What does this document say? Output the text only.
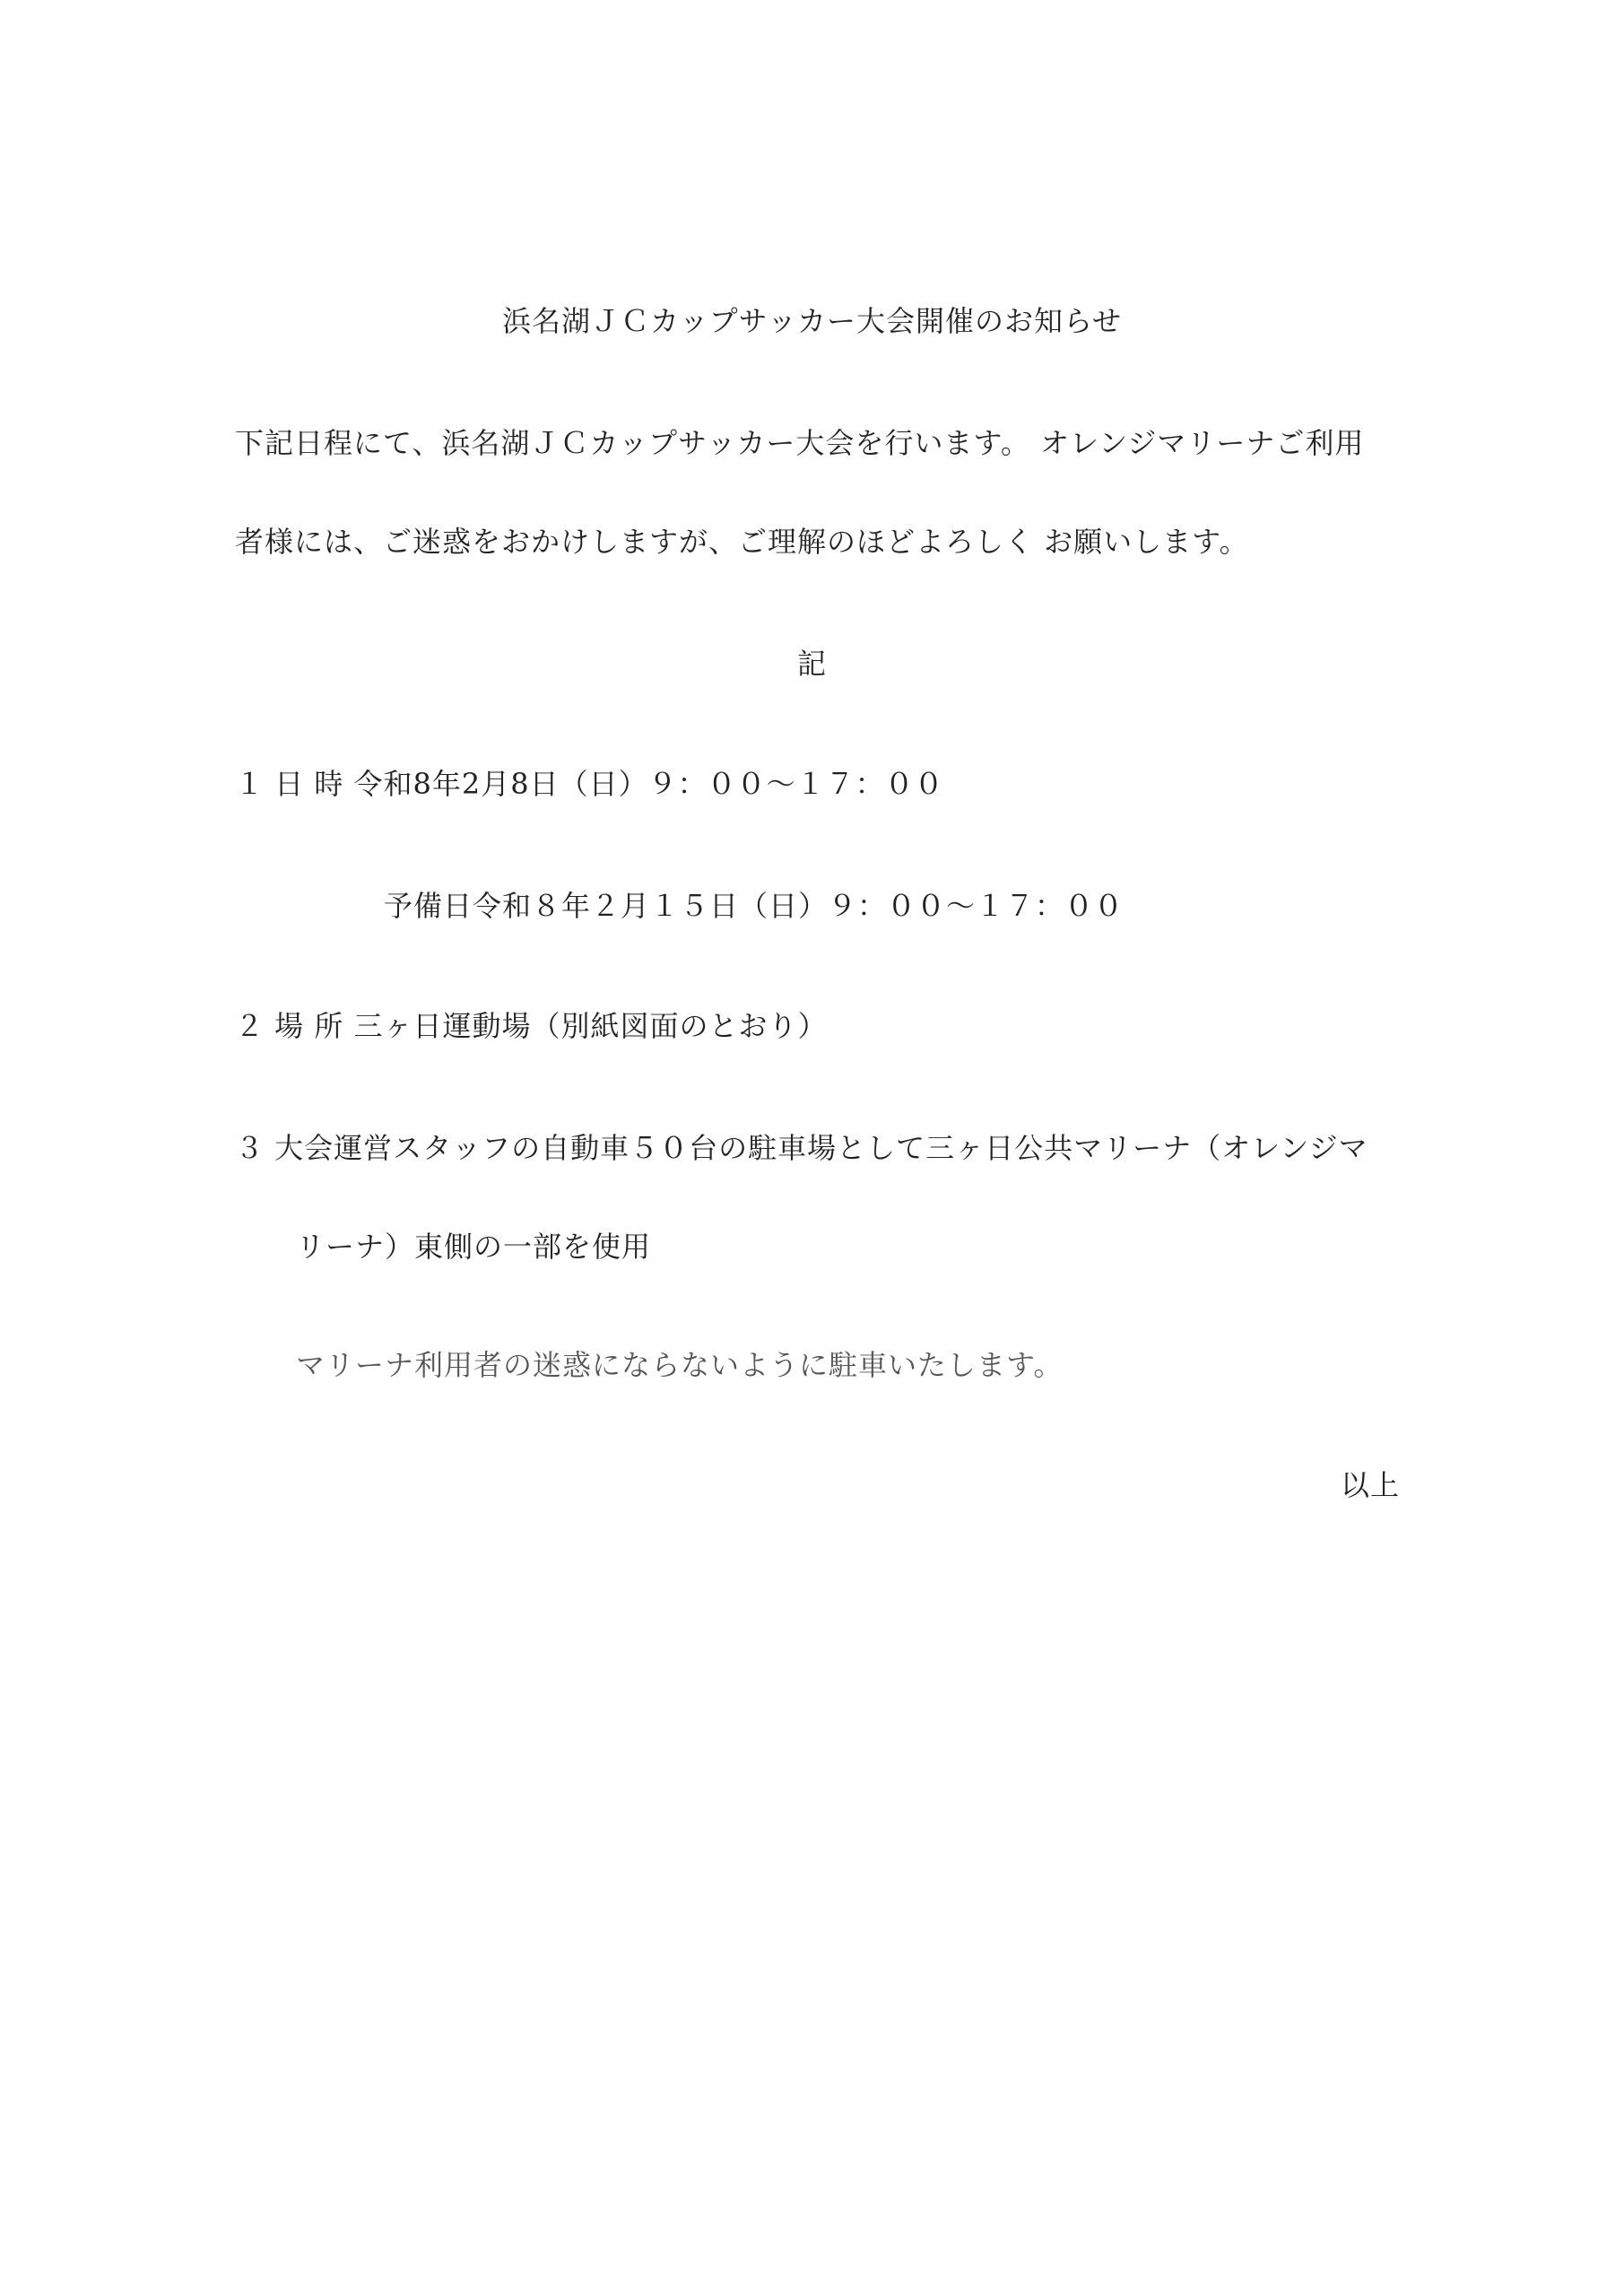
浜名湖ＪＣカップサッカー大会開催のお知らせ
下記日程にて、浜名湖ＪＣカップサッカー大会を行います。 オレンジマリーナご利用
者様には、ご迷惑をおかけしますが、ご理解のほどよろしく お願いします。
記
１ 日 時 令和8年2月8日（日）９：００～１７：００
予備日令和８年２月１５日（日）９：００～１７：００
２ 場 所 三ヶ日運動場（別紙図面のとおり）
３ 大会運営スタッフの自動車５０台の駐車場として三ヶ日公共マリーナ（オレンジマ
リーナ）東側の一部を使用
マリーナ利用者の迷惑にならないように駐車いたします。
以上
